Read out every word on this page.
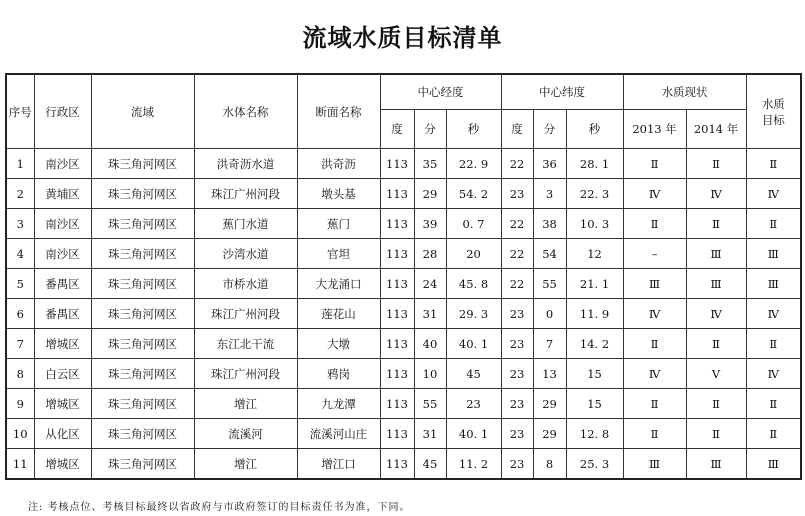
流域水质目标清单
序号	行政区	流域	水体名称	断面名称	中心经度			中心纬度			水质现状		水质
目标
					度	分	秒	度	分	秒	2013 年	2014 年	
1	南沙区	珠三角河网区	洪奇沥水道	洪奇沥	113	35	22. 9	22	36	28. 1	Ⅱ	Ⅱ	Ⅱ
2	黄埔区	珠三角河网区	珠江广州河段	墩头基	113	29	54. 2	23	3	22. 3	Ⅳ	Ⅳ	Ⅳ
3	南沙区	珠三角河网区	蕉门水道	蕉门	113	39	0. 7	22	38	10. 3	Ⅱ	Ⅱ	Ⅱ
4	南沙区	珠三角河网区	沙湾水道	官坦	113	28	20	22	54	12	–	Ⅲ	Ⅲ
5	番禺区	珠三角河网区	市桥水道	大龙涌口	113	24	45. 8	22	55	21. 1	Ⅲ	Ⅲ	Ⅲ
6	番禺区	珠三角河网区	珠江广州河段	莲花山	113	31	29. 3	23	0	11. 9	Ⅳ	Ⅳ	Ⅳ
7	增城区	珠三角河网区	东江北干流	大墩	113	40	40. 1	23	7	14. 2	Ⅱ	Ⅱ	Ⅱ
8	白云区	珠三角河网区	珠江广州河段	鸦岗	113	10	45	23	13	15	Ⅳ	Ⅴ	Ⅳ
9	增城区	珠三角河网区	增江	九龙潭	113	55	23	23	29	15	Ⅱ	Ⅱ	Ⅱ
10	从化区	珠三角河网区	流溪河	流溪河山庄	113	31	40. 1	23	29	12. 8	Ⅱ	Ⅱ	Ⅱ
11	增城区	珠三角河网区	增江	增江口	113	45	11. 2	23	8	25. 3	Ⅲ	Ⅲ	Ⅲ
注: 考核点位、考核目标最终以省政府与市政府签订的目标责任书为准，下同。
